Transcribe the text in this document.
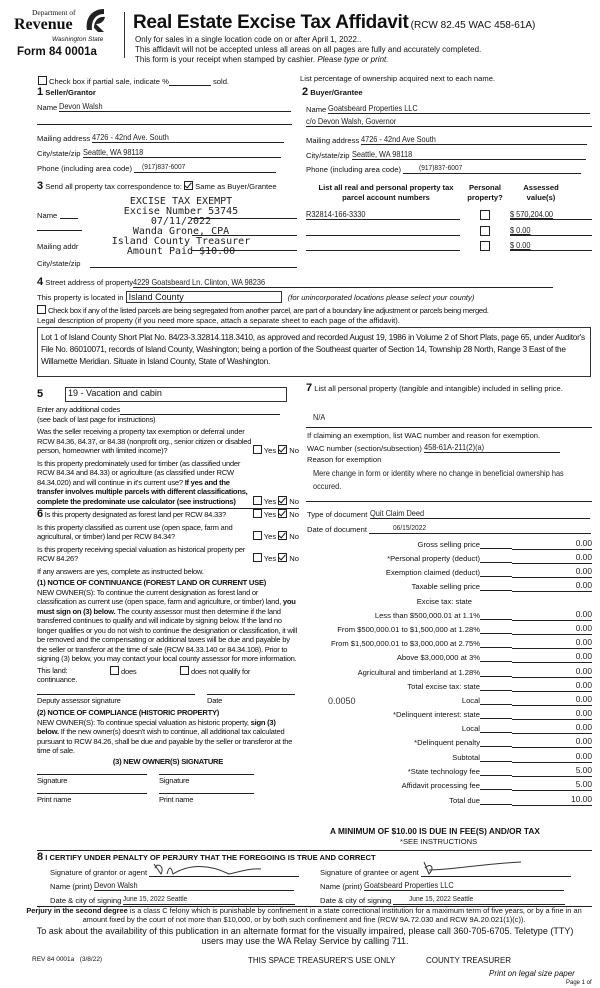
Department of
Revenue
Washington State
Form 84 0001a
Real Estate Excise Tax Affidavit (RCW 82.45 WAC 458-61A)
Only for sales in a single location code on or after April 1, 2022..
This affidavit will not be accepted unless all areas on all pages are fully and accurately completed.
This form is your receipt when stamped by cashier. Please type or print.
Check box if partial sale, indicate %	sold.	List percentage of ownership acquired next to each name.
1 Seller/Grantor
Name Devon Walsh
Mailing address 4726 - 42nd Ave. South
City/state/zip Seattle, WA 98118
Phone (including area code) (917)837-6007
2 Buyer/Grantee
Name Goatsbeard Properties LLC
c/o Devon Walsh, Governor
Mailing address 4726 - 42nd Ave South
City/state/zip Seattle, WA 98118
Phone (including area code) (917)837-6007
3 Send all property tax correspondence to: Same as Buyer/Grantee
Name
Mailing addr
City/state/zip
EXCISE TAX EXEMPT
Excise Number 53745
07/11/2022
Wanda Grone, CPA
Island County Treasurer
Amount Paid $10.00
List all real and personal property tax parcel account numbers
Personal property?
Assessed value(s)
R32814-166-3330	$ 570,204.00
$ 0.00
$ 0.00
4 Street address of property4229 Goatsbeard Ln. Clinton, WA 98236
This property is located in Island County	(for unincorporated locations please select your county)
Check box if any of the listed parcels are being segregated from another parcel, are part of a boundary line adjustment or parcels being merged.
Legal description of property (if you need more space, attach a separate sheet to each page of the affidavit).
Lot 1 of Island County Short Plat No. 84/23-3.32814.118.3410, as approved and recorded August 19, 1986 in Volume 2 of Short Plats, page 65, under Auditor's File No. 86010071, records of Island County, Washington; being a portion of the Southeast quarter of Section 14, Township 28 North, Range 3 East of the Willamette Meridian. Situate in Island County, State of Washington.
5	19 - Vacation and cabin
Enter any additional codes
(see back of last page for instructions)
Was the seller receiving a property tax exemption or deferral under RCW 84.36, 84.37, or 84.38 (nonprofit org., senior citizen or disabled person, homeowner with limited income)?	Yes No
Is this property predominately used for timber (as classified under RCW 84.34 and 84.33) or agriculture (as classified under RCW 84.34.020) and will continue in it's current use? If yes and the transfer involves multiple parcels with different classifications, complete the predominate use calculator (see instructions)	Yes No
6 Is this property designated as forest land per RCW 84.33?	Yes No
Is this property classified as current use (open space, farm and agricultural, or timber) land per RCW 84.34?	Yes No
Is this property receiving special valuation as historical property per RCW 84.26?	Yes No
If any answers are yes, complete as instructed below.
(1) NOTICE OF CONTINUANCE (FOREST LAND OR CURRENT USE)
NEW OWNER(S): To continue the current designation as forest land or classification as current use (open space, farm and agriculture, or timber) land, you must sign on (3) below. The county assessor must then determine if the land transferred continues to qualify and will indicate by signing below. If the land no longer qualifies or you do not wish to continue the designation or classification, it will be removed and the compensating or additional taxes will be due and payable by the seller or transferor at the time of sale (RCW 84.33.140 or 84.34.108). Prior to signing (3) below, you may contact your local county assessor for more information.
This land:	does	does not qualify for
continuance.
Deputy assessor signature	Date
(2) NOTICE OF COMPLIANCE (HISTORIC PROPERTY)
NEW OWNER(S): To continue special valuation as historic property, sign (3) below. If the new owner(s) doesn't wish to continue, all additional tax calculated pursuant to RCW 84.26, shall be due and payable by the seller or transferor at the time of sale.
(3) NEW OWNER(S) SIGNATURE
Signature	Signature
Print name	Print name
7 List all personal property (tangible and intangible) included in selling price.
N/A
If claiming an exemption, list WAC number and reason for exemption.
WAC number (section/subsection) 458-61A-211(2)(a)
Reason for exemption
Mere change in form or identity where no change in beneficial ownership has occured.
Type of document Quit Claim Deed
Date of document	06/15/2022
Gross selling price	0.00
*Personal property (deduct)	0.00
Exemption claimed (deduct)	0.00
Taxable selling price	0.00
Excise tax: state
Less than $500,000.01 at 1.1%	0.00
From $500,000.01 to $1,500,000 at 1.28%	0.00
From $1,500,000.01 to $3,000,000 at 2.75%	0.00
Above $3,000,000 at 3%	0.00
Agricultural and timberland at 1.28%	0.00
Total excise tax: state	0.00
Local	0.00
0.0050
*Delinquent interest: state	0.00
Local	0.00
*Delinquent penalty	0.00
Subtotal	0.00
*State technology fee	5.00
Affidavit processing fee	5.00
Total due	10.00
A MINIMUM OF $10.00 IS DUE IN FEE(S) AND/OR TAX
*SEE INSTRUCTIONS
8 I CERTIFY UNDER PENALTY OF PERJURY THAT THE FOREGOING IS TRUE AND CORRECT
Signature of grantor or agent
Name (print) Devon Walsh
Date & city of signing June 15, 2022 Seattle
Signature of grantee or agent
Name (print) Goatsbeard Properties LLC
Date & city of signing June 15, 2022 Seattle
Perjury in the second degree is a class C felony which is punishable by confinement in a state correctional institution for a maximum term of five years, or by a fine in an amount fixed by the court of not more than $10,000, or by both such confinement and fine (RCW 9A.72.030 and RCW 9A.20.021(1)(c)).
To ask about the availability of this publication in an alternate format for the visually impaired, please call 360-705-6705. Teletype (TTY) users may use the WA Relay Service by calling 711.
REV 84 0001a   (3/8/22)	THIS SPACE TREASURER'S USE ONLY	COUNTY TREASURER
Print on legal size paper
Page 1 of
